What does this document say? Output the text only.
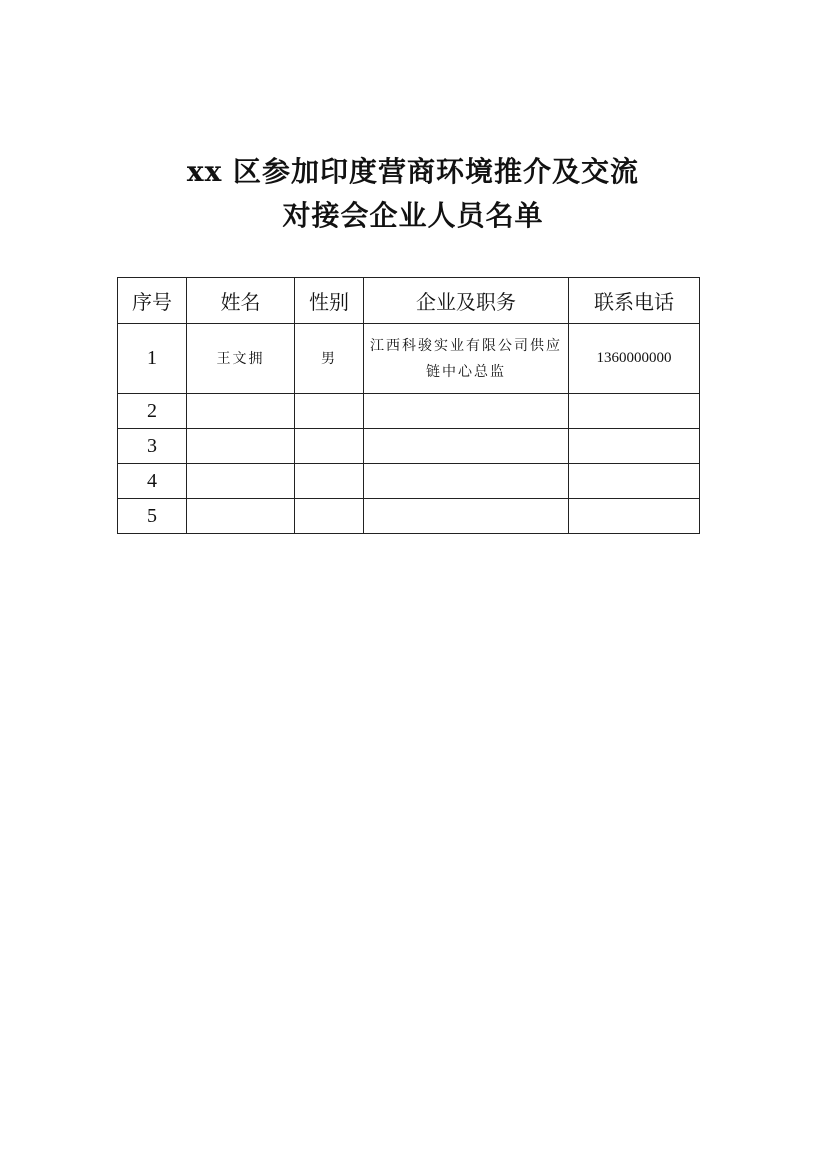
xx 区参加印度营商环境推介及交流
对接会企业人员名单
序号	姓名	性别	企业及职务	联系电话
1	王文拥	男	江西科骏实业有限公司供应链中心总监	1360000000
2				
3				
4				
5				
